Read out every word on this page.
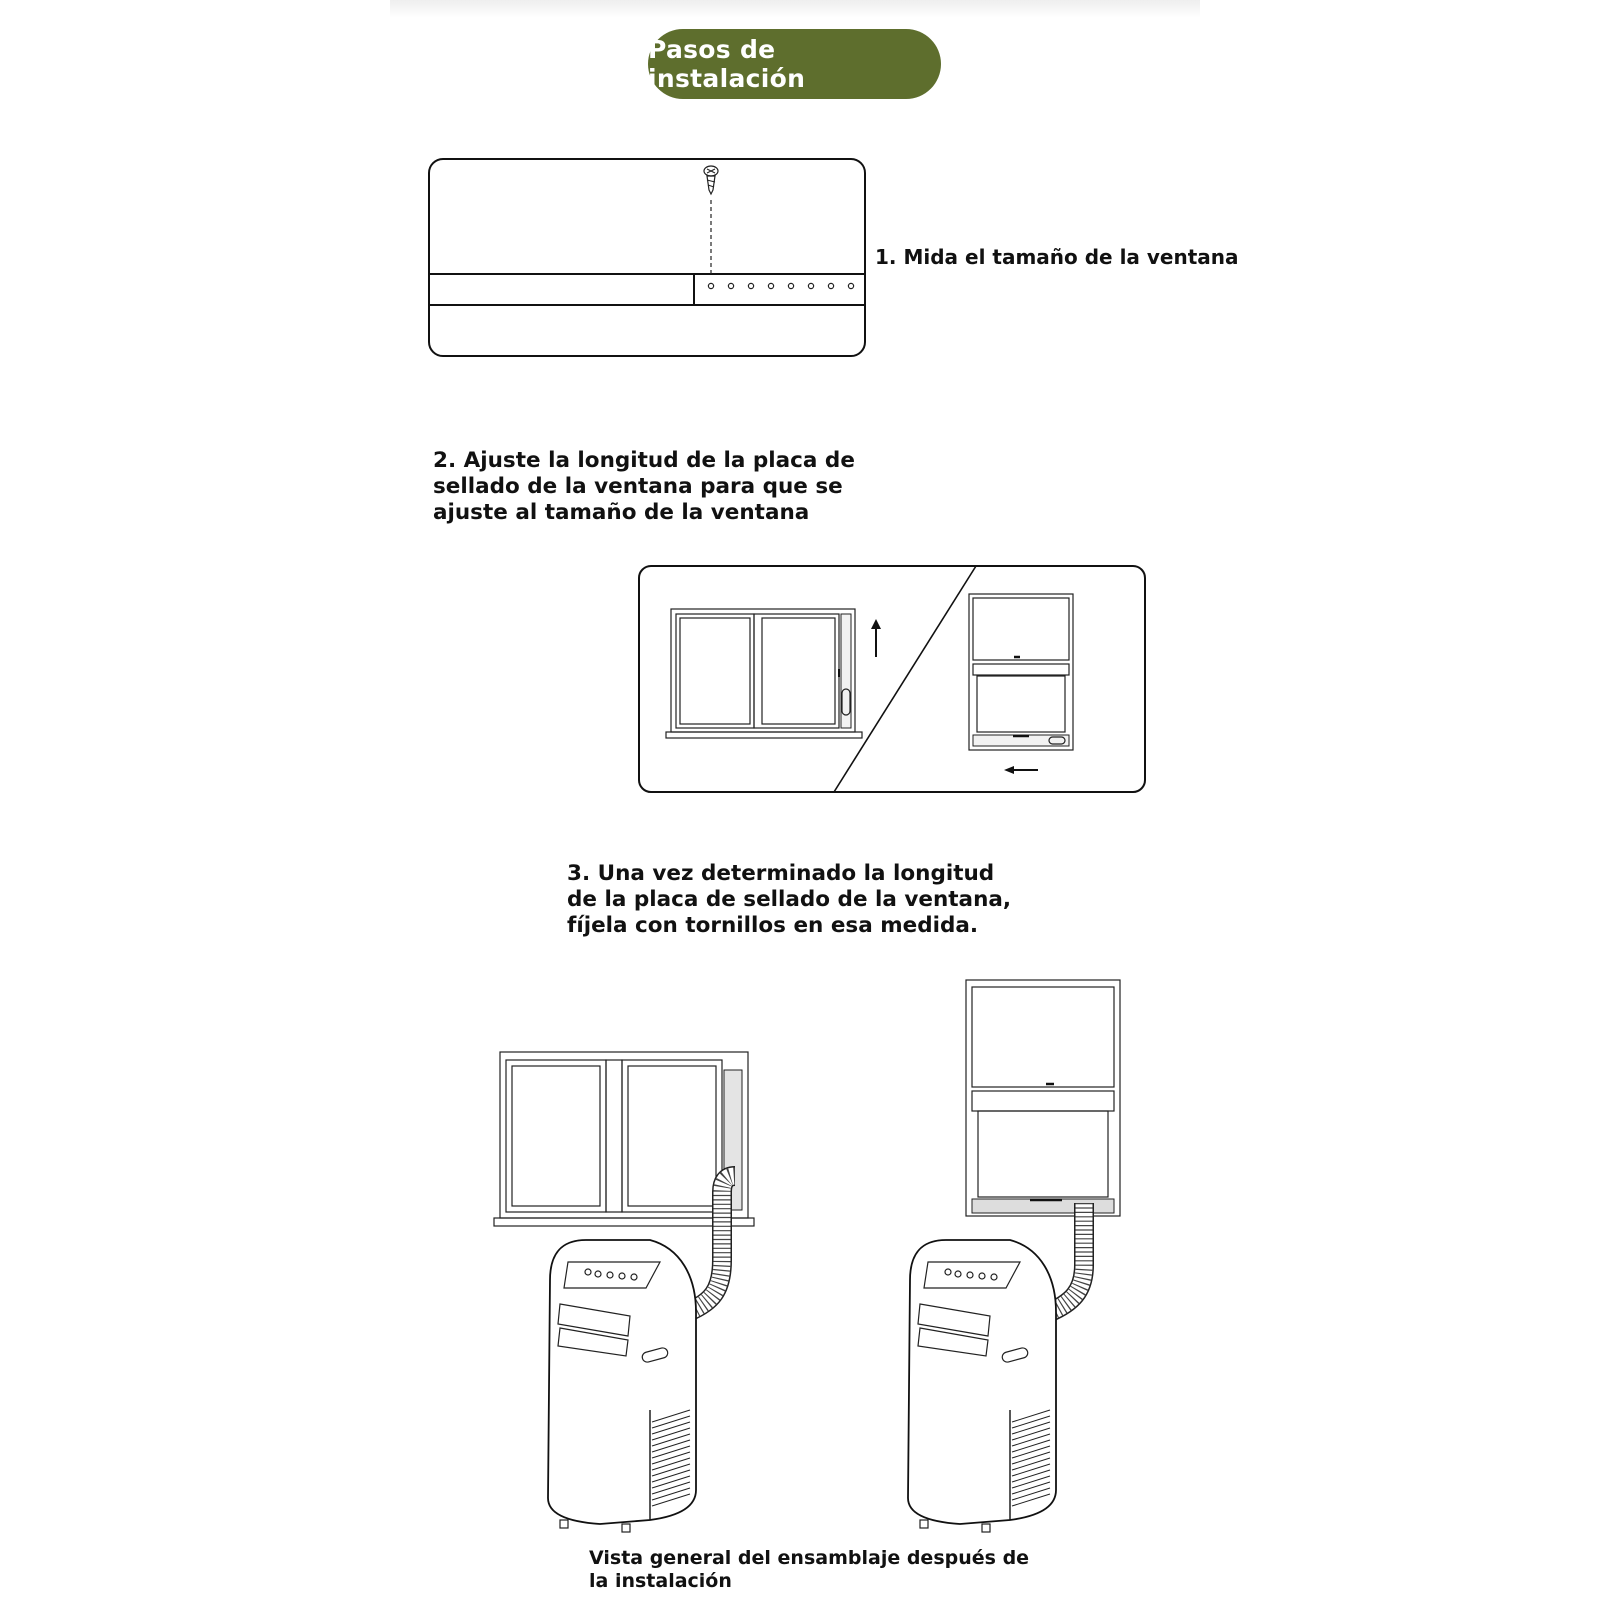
Pasos de instalación

1. Mida el tamaño de la ventana

2. Ajuste la longitud de la placa de
sellado de la ventana para que se
ajuste al tamaño de la ventana

3. Una vez determinado la longitud
de la placa de sellado de la ventana,
fíjela con tornillos en esa medida.

Vista general del ensamblaje después de
la instalación
